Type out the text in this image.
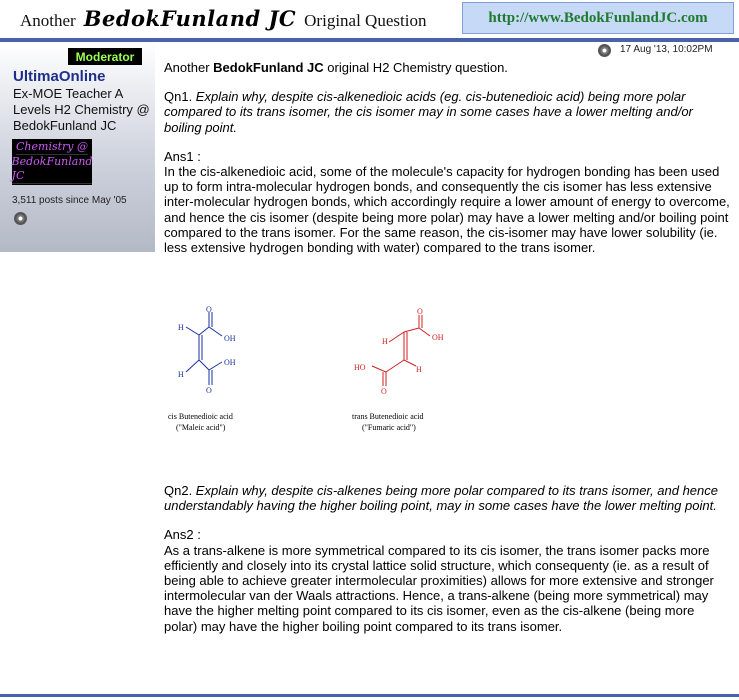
Another BedokFunland JC Original Question	http://www.BedokFunlandJC.com
Moderator
UltimaOnline
Ex-MOE Teacher A Levels H2 Chemistry @ BedokFunland JC
Chemistry @
BedokFunland JC
3,511 posts since May '05
17 Aug '13, 10:02PM

Another BedokFunland JC original H2 Chemistry question.

Qn1. Explain why, despite cis-alkenedioic acids (eg. cis-butenedioic acid) being more polar compared to its trans isomer, the cis isomer may in some cases have a lower melting and/or boiling point.

Ans1 :

In the cis-alkenedioic acid, some of the molecule's capacity for hydrogen bonding has been used up to form intra-molecular hydrogen bonds, and consequently the cis isomer has less extensive inter-molecular hydrogen bonds, which accordingly require a lower amount of energy to overcome, and hence the cis isomer (despite being more polar) may have a lower melting and/or boiling point compared to the trans isomer. For the same reason, the cis-isomer may have lower solubility (ie. less extensive hydrogen bonding with water) compared to the trans isomer.

H
O
OH
H
OH
O
H
O
OH
H
HO
O
cis Butenedioic acid
("Maleic acid")
trans Butenedioic acid
("Fumaric acid")

Qn2. Explain why, despite cis-alkenes being more polar compared to its trans isomer, and hence understandably having the higher boiling point, may in some cases have the lower melting point.

Ans2 :

As a trans-alkene is more symmetrical compared to its cis isomer, the trans isomer packs more efficiently and closely into its crystal lattice solid structure, which consequenty (ie. as a result of being able to achieve greater intermolecular proximities) allows for more extensive and stronger intermolecular van der Waals attractions. Hence, a trans-alkene (being more symmetrical) may have the higher melting point compared to its cis isomer, even as the cis-alkene (being more polar) may have the higher boiling point compared to its trans isomer.
